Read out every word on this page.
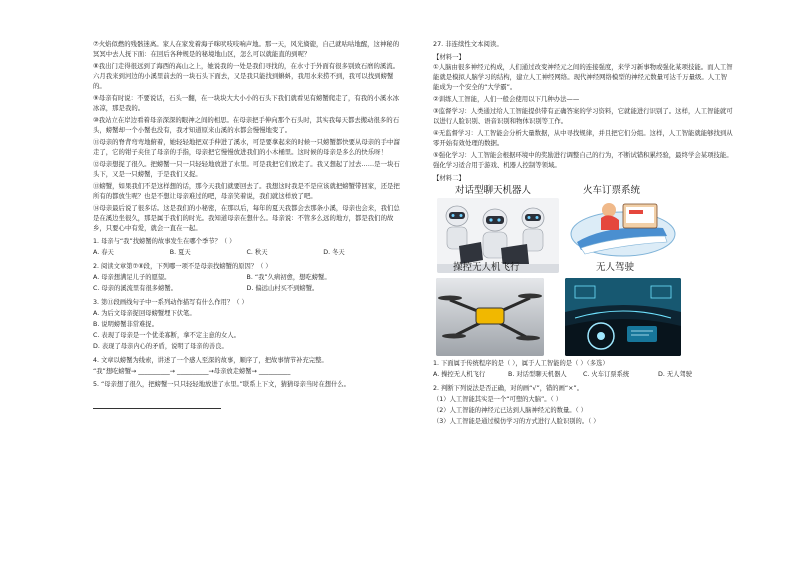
⑦火焰似燃的残骸迷离。家人在家发着海子咪吠吱吱响声地。那一天，风光旖旎，自己就咕咕地醒，这神秘的冥冥中去人抚下面：在回后各种规是的秘境地山区，怎么可以就能直的到呢？

⑧我出门走得很远到了海西的高山之上，她说我的一处是我们寻找的，在水寸于外面有很多别致石磨的溪流。六月我来到河边的小溪里前去的一块石头下面去，又是我只能找到蝌蚪，我用水来捞不到，我可以找到螃蟹的。

⑨母亲有时说：不要说话，石头一翻，在一块块大大小小的石头下我们就看见有螃蟹爬走了，有我的小溪水冰冰凉，那是我的。

⑩我站立在岸边看着母亲深深的眼神之间的相思。在母亲把手伸向那个石头时，其实我每天都去搬动很多的石头，螃蟹却一个小蟹也没有，我才知道原来山溪的水都会慢慢地变了。

⑪母亲的脊背弯弯地俯着，她轻轻地把双手伸进了溪水，可是要拿起来的时候一只螃蟹都快要从母亲的手中溜走了，它的钳子夹住了母亲的手指，母亲把它慢慢放进我们的小木桶里。这时候的母亲是多么的快乐呀！

⑫母亲想捉了很久。把螃蟹一只一只轻轻地放进了水里。可是我把它们放走了。我又想起了过去……是一块石头下，又是一只螃蟹，于是我们又捉。

⑬螃蟹，如果我们不是这样想的话，那今天我们就要回去了。我想这时我是不是应该就把螃蟹带回家，还是把所有的都放生呢？也是不想让母亲难过的吧，母亲笑着说，我们就这样放了吧。

⑭母亲最后说了很多话。这是我们的小秘密，在那以后，每年的夏天我都会去那条小溪，母亲也会来，我们总是在溪边坐很久，那是属于我们的时光。我知道母亲在想什么。母亲说：不管多么远的地方，都是我们的故乡，只要心中有爱，就会一直在一起。

1. 母亲与“我”找螃蟹的故事发生在哪个季节？（ ）
A. 春天	B. 夏天	C. 秋天	D. 冬天
2. 阅读文章第⑦⑧段，下列哪一项不是母亲找螃蟹的原因？（ ）
A. 母亲想满足儿子的愿望。	B. “我”久病初愈，想吃螃蟹。
C. 母亲的溪流里有很多螃蟹。	D. 偏远山村买不到螃蟹。
3. 第⑪段画线句子中一系列动作描写有什么作用？（ ）
A. 为后文母亲捉回母螃蟹埋下伏笔。
B. 说明螃蟹非常难捉。
C. 表现了母亲是一个优柔寡断，拿不定主意的女人。
D. 表现了母亲内心的矛盾，说明了母亲的善良。
4. 文章以螃蟹为线索，讲述了一个感人至深的故事，顺序了，把故事情节补充完整。
“我”想吃螃蟹→ __________→ __________→母亲放走螃蟹→ __________
5. “母亲想了很久，把螃蟹一只只轻轻地放进了水里。”联系上下文，猜猜母亲当时在想什么。
27. 非连续性文本阅读。
【材料一】

①人脑由很多神经元构成，人们通过改变神经元之间的连接强度，来学习新事物或强化某项技能。而人工智能就是模拟人脑学习的结构，建立人工神经网络。现代神经网络模型的神经元数量可达千万量级。人工智能成为一个安全的“大学霸”。

②训练人工智能，人们一般会使用以下几种办法——

③监督学习：人类通过给人工智能提供带有正确答案的学习资料，它就能进行识别了。这样，人工智能就可以进行人脸识别、语音识别和物体识别等工作。

④无监督学习：人工智能会分析大量数据，从中寻找规律，并且把它们分组。这样，人工智能就能够找到从零开始有效处理的数据。

⑤强化学习：人工智能会根据环境中的奖励进行调整自己的行为，不断试错积累经验，最终学会某项技能。强化学习适合用于游戏、机器人控制等领域。

【材料二】
对话型聊天机器人	火车订票系统
操控无人机飞行	无人驾驶
1. 下面属于传统程序的是（ ），属于人工智能的是（ ）（多选）
A. 操控无人机飞行	B. 对话型聊天机器人	C. 火车订票系统	D. 无人驾驶
2. 判断下列说法是否正确，对的画“√”，错的画“×”。
（1）人工智能其实是一个“可塑的大脑”。（ ）
（2）人工智能的神经元已达到人脑神经元的数量。（ ）
（3）人工智能是通过模仿学习的方式进行人脸识别的。（ ）
